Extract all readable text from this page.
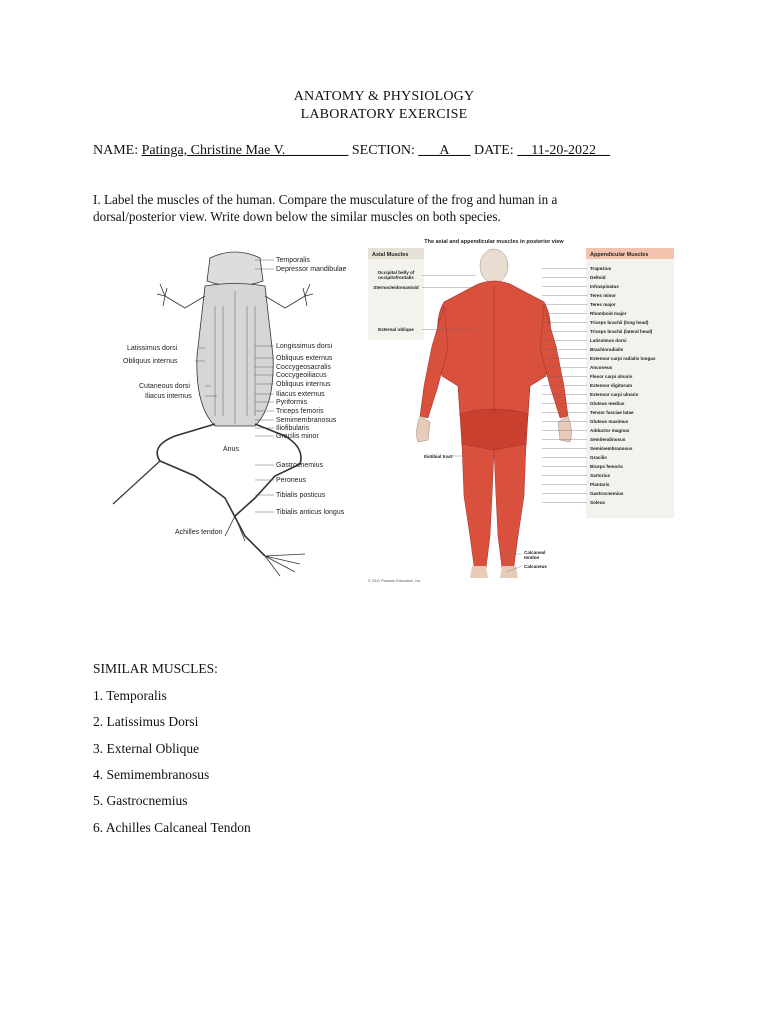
ANATOMY & PHYSIOLOGY
LABORATORY EXERCISE
NAME: Patinga, Christine Mae V._________ SECTION: ___A___ DATE: __11-20-2022__
I. Label the muscles of the human. Compare the musculature of the frog and human in a dorsal/posterior view. Write down below the similar muscles on both species.
Temporalis
Depressor mandibulae
Longissimus dorsi
Obliquus externus
Coccygeosacralis
Coccygeoiliacus
Obliquus internus
Iliacus externus
Pyriformis
Triceps femoris
Semimembranosus
Iliofibularis
Gracilis minor
Gastrocnemius
Peroneus
Tibialis posticus
Tibialis anticus longus
Latissimus dorsi
Obliquus internus
Cutaneous dorsi
Iliacus internus
Anus
Achilles tendon
The axial and appendicular muscles in posterior view
Axial Muscles	Appendicular Muscles
Trapezius
Deltoid
Infraspinatus
Teres minor
Teres major
Rhomboid major
Triceps brachii (long head)
Triceps brachii (lateral head)
Latissimus dorsi
Brachioradialis
Extensor carpi radialis longus
Anconeus
Flexor carpi ulnaris
Extensor digitorum
Extensor carpi ulnaris
Gluteus medius
Tensor fasciae latae
Gluteus maximus
Adductor magnus
Semitendinosus
Semimembranosus
Gracilis
Biceps femoris
Sartorius
Plantaris
Gastrocnemius
Soleus
Occipital belly of
occipitofrontalis
Sternocleidomastoid
External oblique
Iliotibial tract
Calcaneal
tendon
Calcaneus
© 2011 Pearson Education, Inc.
SIMILAR MUSCLES:
1. Temporalis
2. Latissimus Dorsi
3. External Oblique
4. Semimembranosus
5. Gastrocnemius
6. Achilles Calcaneal Tendon
